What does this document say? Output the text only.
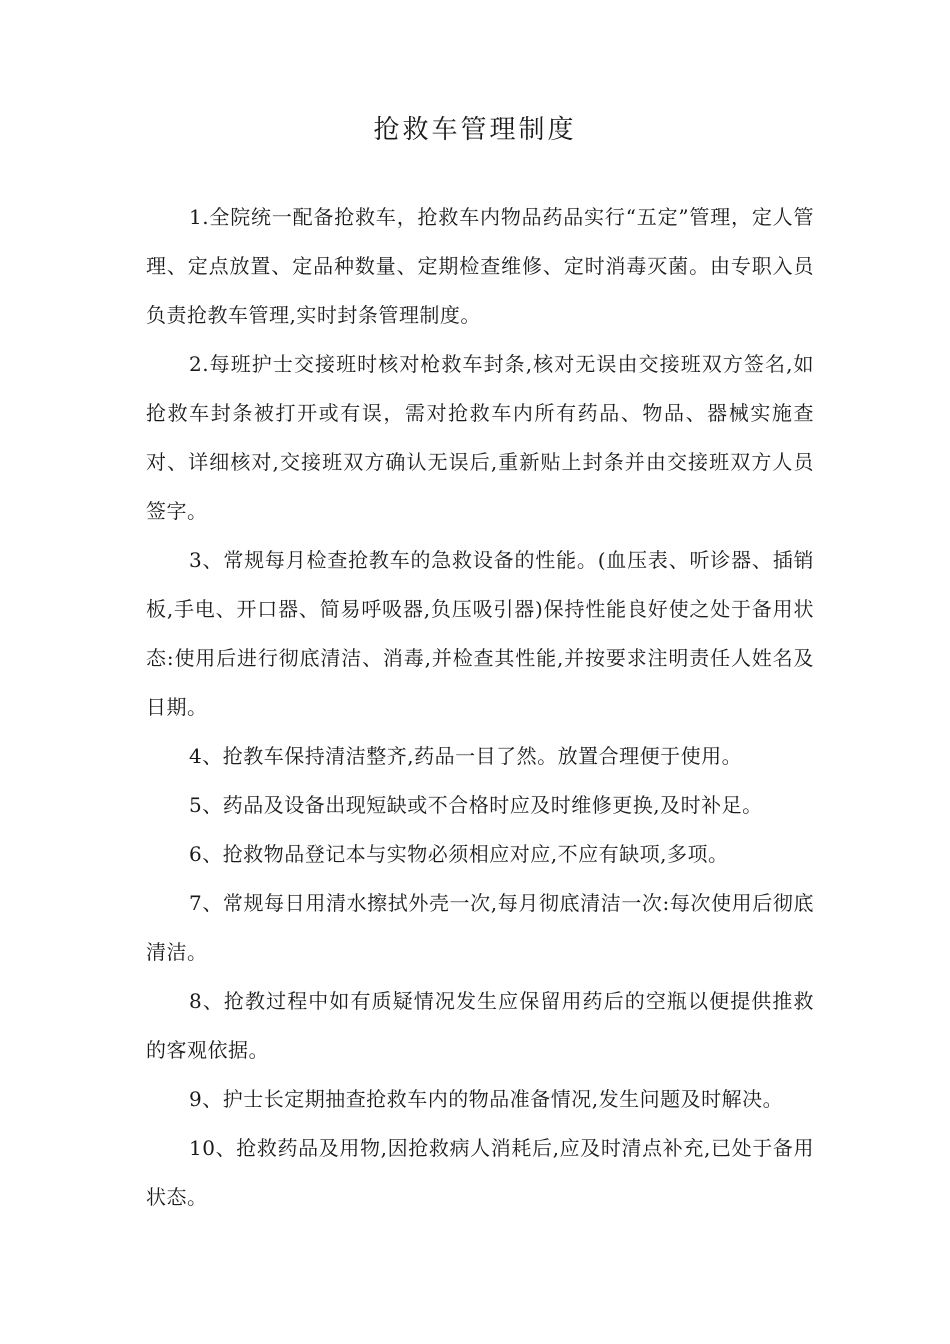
抢救车管理制度

1.全院统一配备抢救车，抢救车内物品药品实行“五定”管理，定人管理、定点放置、定品种数量、定期检查维修、定时消毒灭菌。由专职入员负责抢教车管理,实时封条管理制度。

2.每班护士交接班时核对枪救车封条,核对无误由交接班双方签名,如抢救车封条被打开或有误，需对抢救车内所有药品、物品、器械实施查对、详细核对,交接班双方确认无误后,重新贴上封条并由交接班双方人员签字。

3、常规每月检查抢教车的急救设备的性能。(血压表、听诊器、插销板,手电、开口器、简易呼吸器,负压吸引器)保持性能良好使之处于备用状态:使用后进行彻底清洁、消毒,并检查其性能,并按要求注明责任人姓名及日期。

4、抢教车保持清洁整齐,药品一目了然。放置合理便于使用。

5、药品及设备出现短缺或不合格时应及时维修更换,及时补足。

6、抢救物品登记本与实物必须相应对应,不应有缺项,多项。

7、常规每日用清水擦拭外壳一次,每月彻底清洁一次:每次使用后彻底清洁。

8、抢教过程中如有质疑情况发生应保留用药后的空瓶以便提供推救的客观依据。

9、护士长定期抽查抢救车内的物品准备情况,发生问题及时解决。

10、抢救药品及用物,因抢救病人消耗后,应及时清点补充,已处于备用状态。
